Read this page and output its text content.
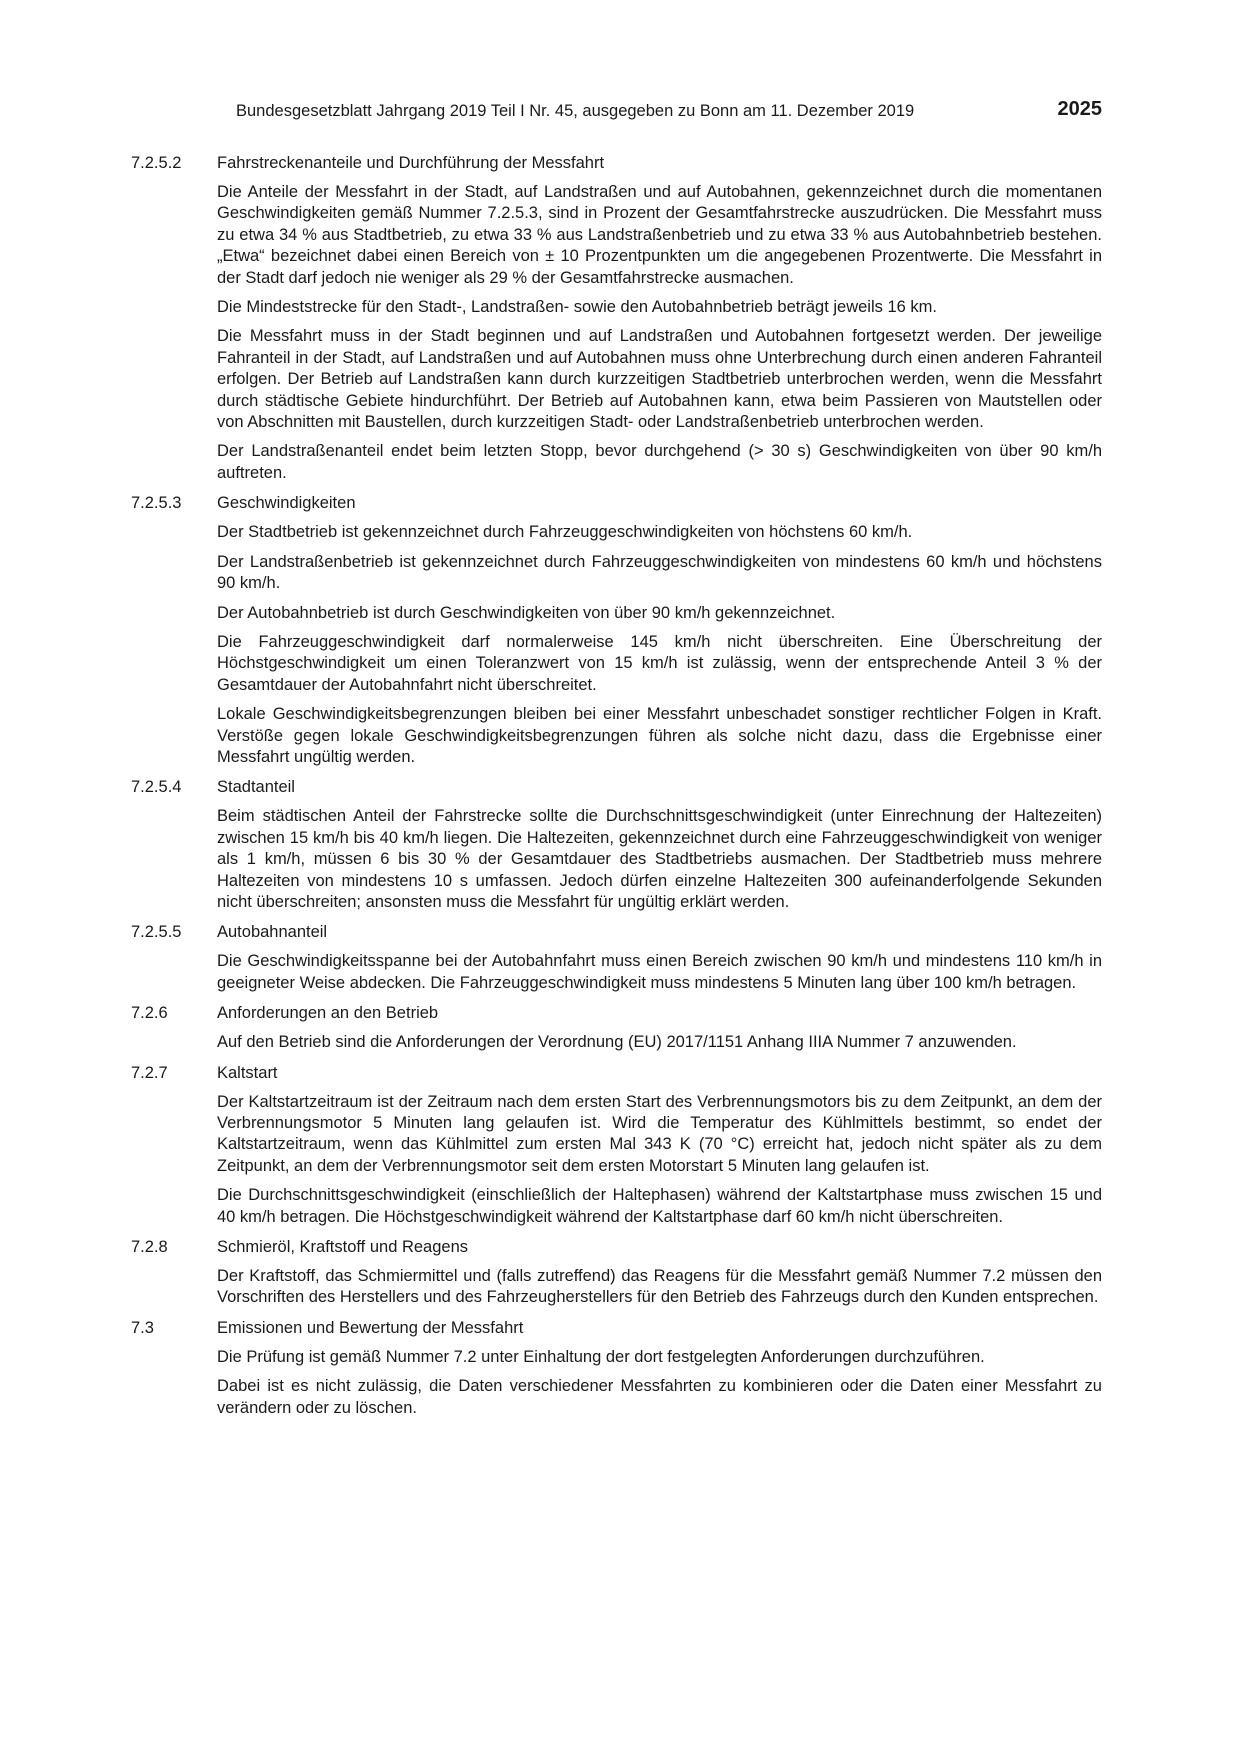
Bundesgesetzblatt Jahrgang 2019 Teil I Nr. 45, ausgegeben zu Bonn am 11. Dezember 2019	2025
7.2.5.2	Fahrstreckenanteile und Durchführung der Messfahrt

Die Anteile der Messfahrt in der Stadt, auf Landstraßen und auf Autobahnen, gekennzeichnet durch die momentanen Geschwindigkeiten gemäß Nummer 7.2.5.3, sind in Prozent der Gesamtfahrstrecke auszudrücken. Die Messfahrt muss zu etwa 34 % aus Stadtbetrieb, zu etwa 33 % aus Landstraßenbetrieb und zu etwa 33 % aus Autobahnbetrieb bestehen. „Etwa“ bezeichnet dabei einen Bereich von ± 10 Prozentpunkten um die angegebenen Prozentwerte. Die Messfahrt in der Stadt darf jedoch nie weniger als 29 % der Gesamtfahrstrecke ausmachen.

Die Mindeststrecke für den Stadt-, Landstraßen- sowie den Autobahnbetrieb beträgt jeweils 16 km.

Die Messfahrt muss in der Stadt beginnen und auf Landstraßen und Autobahnen fortgesetzt werden. Der jeweilige Fahranteil in der Stadt, auf Landstraßen und auf Autobahnen muss ohne Unterbrechung durch einen anderen Fahranteil erfolgen. Der Betrieb auf Landstraßen kann durch kurzzeitigen Stadtbetrieb unterbrochen werden, wenn die Messfahrt durch städtische Gebiete hindurchführt. Der Betrieb auf Autobahnen kann, etwa beim Passieren von Mautstellen oder von Abschnitten mit Baustellen, durch kurzzeitigen Stadt- oder Landstraßenbetrieb unterbrochen werden.

Der Landstraßenanteil endet beim letzten Stopp, bevor durchgehend (> 30 s) Geschwindigkeiten von über 90 km/h auftreten.

7.2.5.3	Geschwindigkeiten

Der Stadtbetrieb ist gekennzeichnet durch Fahrzeuggeschwindigkeiten von höchstens 60 km/h.

Der Landstraßenbetrieb ist gekennzeichnet durch Fahrzeuggeschwindigkeiten von mindestens 60 km/h und höchstens 90 km/h.

Der Autobahnbetrieb ist durch Geschwindigkeiten von über 90 km/h gekennzeichnet.

Die Fahrzeuggeschwindigkeit darf normalerweise 145 km/h nicht überschreiten. Eine Überschreitung der Höchstgeschwindigkeit um einen Toleranzwert von 15 km/h ist zulässig, wenn der entsprechende Anteil 3 % der Gesamtdauer der Autobahnfahrt nicht überschreitet.

Lokale Geschwindigkeitsbegrenzungen bleiben bei einer Messfahrt unbeschadet sonstiger rechtlicher Folgen in Kraft. Verstöße gegen lokale Geschwindigkeitsbegrenzungen führen als solche nicht dazu, dass die Ergebnisse einer Messfahrt ungültig werden.

7.2.5.4	Stadtanteil

Beim städtischen Anteil der Fahrstrecke sollte die Durchschnittsgeschwindigkeit (unter Einrechnung der Haltezeiten) zwischen 15 km/h bis 40 km/h liegen. Die Haltezeiten, gekennzeichnet durch eine Fahrzeuggeschwindigkeit von weniger als 1 km/h, müssen 6 bis 30 % der Gesamtdauer des Stadtbetriebs ausmachen. Der Stadtbetrieb muss mehrere Haltezeiten von mindestens 10 s umfassen. Jedoch dürfen einzelne Haltezeiten 300 aufeinanderfolgende Sekunden nicht überschreiten; ansonsten muss die Messfahrt für ungültig erklärt werden.

7.2.5.5	Autobahnanteil

Die Geschwindigkeitsspanne bei der Autobahnfahrt muss einen Bereich zwischen 90 km/h und mindestens 110 km/h in geeigneter Weise abdecken. Die Fahrzeuggeschwindigkeit muss mindestens 5 Minuten lang über 100 km/h betragen.

7.2.6	Anforderungen an den Betrieb

Auf den Betrieb sind die Anforderungen der Verordnung (EU) 2017/1151 Anhang IIIA Nummer 7 anzuwenden.

7.2.7	Kaltstart

Der Kaltstartzeitraum ist der Zeitraum nach dem ersten Start des Verbrennungsmotors bis zu dem Zeitpunkt, an dem der Verbrennungsmotor 5 Minuten lang gelaufen ist. Wird die Temperatur des Kühlmittels bestimmt, so endet der Kaltstartzeitraum, wenn das Kühlmittel zum ersten Mal 343 K (70 °C) erreicht hat, jedoch nicht später als zu dem Zeitpunkt, an dem der Verbrennungsmotor seit dem ersten Motorstart 5 Minuten lang gelaufen ist.

Die Durchschnittsgeschwindigkeit (einschließlich der Haltephasen) während der Kaltstartphase muss zwischen 15 und 40 km/h betragen. Die Höchstgeschwindigkeit während der Kaltstartphase darf 60 km/h nicht überschreiten.

7.2.8	Schmieröl, Kraftstoff und Reagens

Der Kraftstoff, das Schmiermittel und (falls zutreffend) das Reagens für die Messfahrt gemäß Nummer 7.2 müssen den Vorschriften des Herstellers und des Fahrzeugherstellers für den Betrieb des Fahrzeugs durch den Kunden entsprechen.

7.3	Emissionen und Bewertung der Messfahrt

Die Prüfung ist gemäß Nummer 7.2 unter Einhaltung der dort festgelegten Anforderungen durchzuführen.

Dabei ist es nicht zulässig, die Daten verschiedener Messfahrten zu kombinieren oder die Daten einer Messfahrt zu verändern oder zu löschen.
